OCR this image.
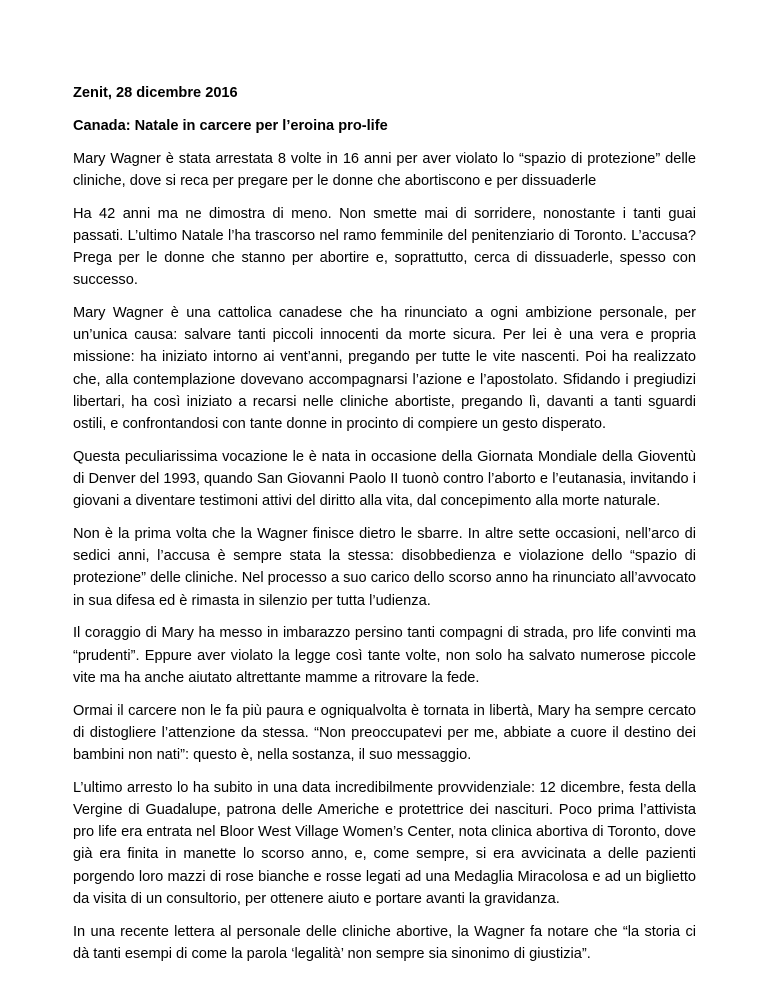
Zenit, 28 dicembre 2016

Canada: Natale in carcere per l’eroina pro-life

Mary Wagner è stata arrestata 8 volte in 16 anni per aver violato lo “spazio di protezione” delle cliniche, dove si reca per pregare per le donne che abortiscono e per dissuaderle

Ha 42 anni ma ne dimostra di meno. Non smette mai di sorridere, nonostante i tanti guai passati. L’ultimo Natale l’ha trascorso nel ramo femminile del penitenziario di Toronto. L’accusa? Prega per le donne che stanno per abortire e, soprattutto, cerca di dissuaderle, spesso con successo.

Mary Wagner è una cattolica canadese che ha rinunciato a ogni ambizione personale, per un’unica causa: salvare tanti piccoli innocenti da morte sicura. Per lei è una vera e propria missione: ha iniziato intorno ai vent’anni, pregando per tutte le vite nascenti. Poi ha realizzato che, alla contemplazione dovevano accompagnarsi l’azione e l’apostolato. Sfidando i pregiudizi libertari, ha così iniziato a recarsi nelle cliniche abortiste, pregando lì, davanti a tanti sguardi ostili, e confrontandosi con tante donne in procinto di compiere un gesto disperato.

Questa peculiarissima vocazione le è nata in occasione della Giornata Mondiale della Gioventù di Denver del 1993, quando San Giovanni Paolo II tuonò contro l’aborto e l’eutanasia, invitando i giovani a diventare testimoni attivi del diritto alla vita, dal concepimento alla morte naturale.

Non è la prima volta che la Wagner finisce dietro le sbarre. In altre sette occasioni, nell’arco di sedici anni, l’accusa è sempre stata la stessa: disobbedienza e violazione dello “spazio di protezione” delle cliniche. Nel processo a suo carico dello scorso anno ha rinunciato all’avvocato in sua difesa ed è rimasta in silenzio per tutta l’udienza.

Il coraggio di Mary ha messo in imbarazzo persino tanti compagni di strada, pro life convinti ma “prudenti”. Eppure aver violato la legge così tante volte, non solo ha salvato numerose piccole vite ma ha anche aiutato altrettante mamme a ritrovare la fede.

Ormai il carcere non le fa più paura e ogniqualvolta è tornata in libertà, Mary ha sempre cercato di distogliere l’attenzione da stessa. “Non preoccupatevi per me, abbiate a cuore il destino dei bambini non nati”: questo è, nella sostanza, il suo messaggio.

L’ultimo arresto lo ha subito in una data incredibilmente provvidenziale: 12 dicembre, festa della Vergine di Guadalupe, patrona delle Americhe e protettrice dei nascituri. Poco prima l’attivista pro life era entrata nel Bloor West Village Women’s Center, nota clinica abortiva di Toronto, dove già era finita in manette lo scorso anno, e, come sempre, si era avvicinata a delle pazienti porgendo loro mazzi di rose bianche e rosse legati ad una Medaglia Miracolosa e ad un biglietto da visita di un consultorio, per ottenere aiuto e portare avanti la gravidanza.

In una recente lettera al personale delle cliniche abortive, la Wagner fa notare che “la storia ci dà tanti esempi di come la parola ‘legalità’ non sempre sia sinonimo di giustizia”.
